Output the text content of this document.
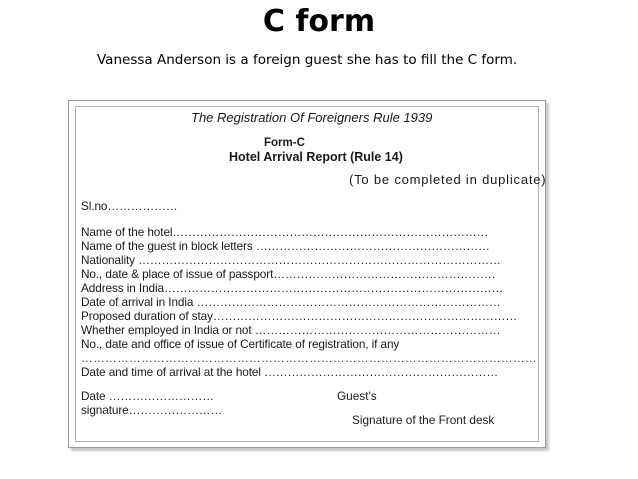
C form
Vanessa Anderson is a foreign guest she has to fill the C form.
The Registration Of Foreigners Rule 1939
Form-C
Hotel Arrival Report (Rule 14)
(To be completed in duplicate)
Sl.no………………
Name of the hotel………………………………………………………………………
Name of the guest in block letters ……………………………………………………
Nationality …………………………………………………………………………………
No., date & place of issue of passport…………………………………………………
Address in India……………………………………………………………………………
Date of arrival in India ……………………………………………………………………
Proposed duration of stay……………………………………………………………………
Whether employed in India or not ………………………………………………………
No., date and office of issue of Certificate of registration, if any
……………………………………………………………………………………………………
Date and time of arrival at the hotel ……………………………………………………
Date ………………………	Guest's
signature……………………
Signature of the Front desk
